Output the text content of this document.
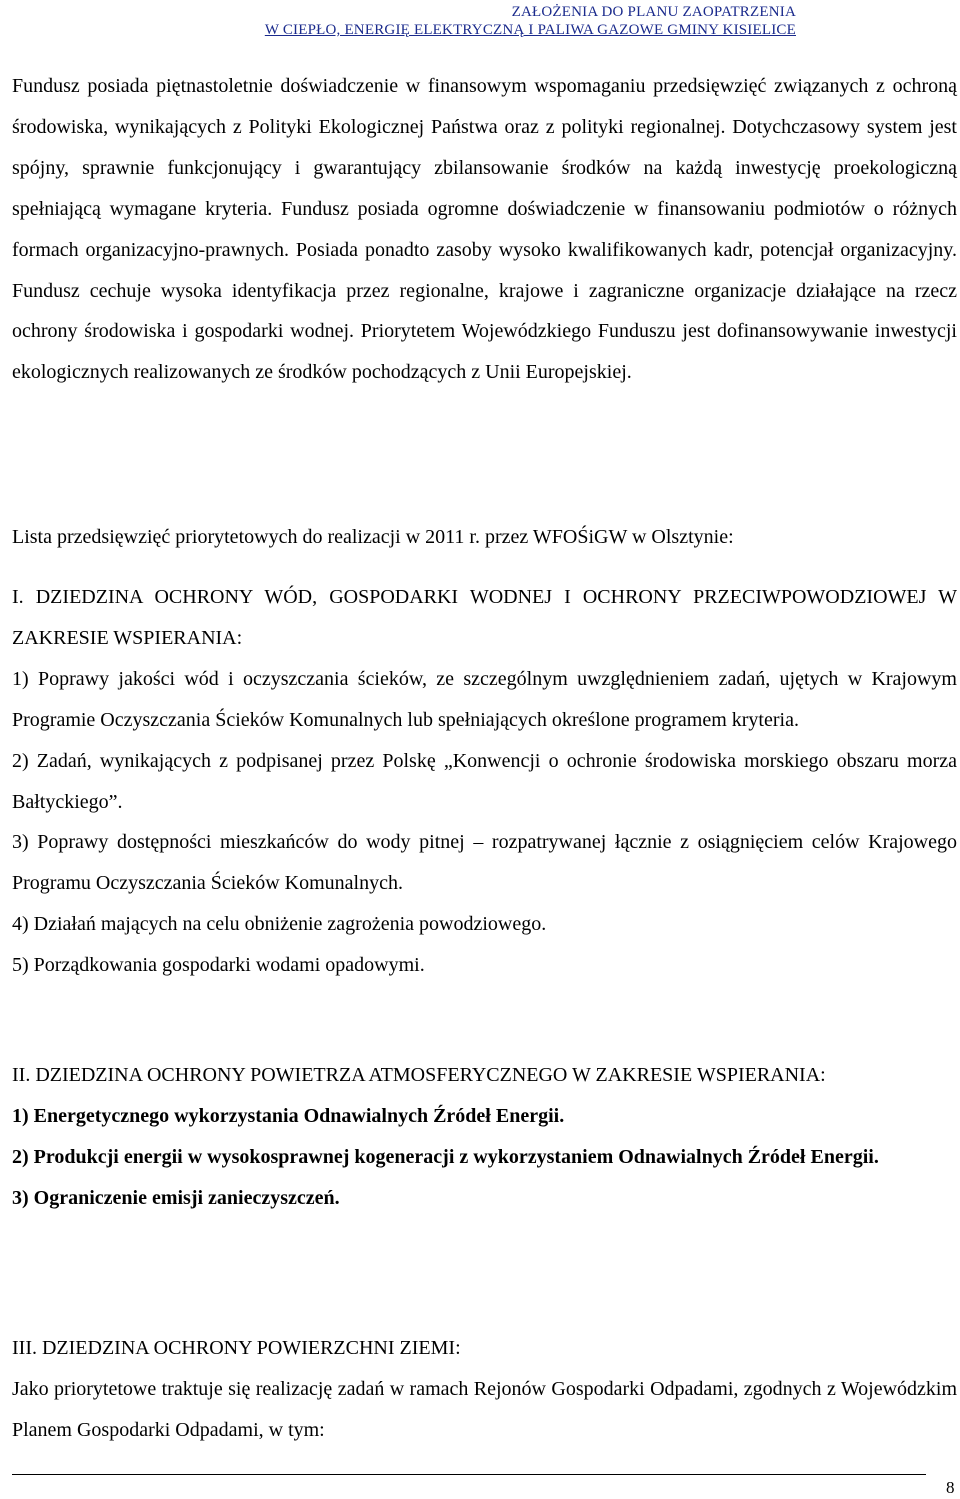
ZAŁOŻENIA DO PLANU ZAOPATRZENIA
W CIEPŁO, ENERGIĘ ELEKTRYCZNĄ I PALIWA GAZOWE GMINY KISIELICE

Fundusz posiada piętnastoletnie doświadczenie w finansowym wspomaganiu przedsięwzięć związanych z ochroną środowiska, wynikających z Polityki Ekologicznej Państwa oraz z polityki regionalnej. Dotychczasowy system jest spójny, sprawnie funkcjonujący i gwarantujący zbilansowanie środków na każdą inwestycję proekologiczną spełniającą wymagane kryteria. Fundusz posiada ogromne doświadczenie w finansowaniu podmiotów o różnych formach organizacyjno-prawnych. Posiada ponadto zasoby wysoko kwalifikowanych kadr, potencjał organizacyjny. Fundusz cechuje wysoka identyfikacja przez regionalne, krajowe i zagraniczne organizacje działające na rzecz ochrony środowiska i gospodarki wodnej. Priorytetem Wojewódzkiego Funduszu jest dofinansowywanie inwestycji ekologicznych realizowanych ze środków pochodzących z Unii Europejskiej.

Lista przedsięwzięć priorytetowych do realizacji w 2011 r. przez WFOŚiGW w Olsztynie:

I. DZIEDZINA OCHRONY WÓD, GOSPODARKI WODNEJ I OCHRONY PRZECIWPOWODZIOWEJ W ZAKRESIE WSPIERANIA:

1) Poprawy jakości wód i oczyszczania ścieków, ze szczególnym uwzględnieniem zadań, ujętych w Krajowym Programie Oczyszczania Ścieków Komunalnych lub spełniających określone programem kryteria.

2) Zadań, wynikających z podpisanej przez Polskę „Konwencji o ochronie środowiska morskiego obszaru morza Bałtyckiego”.

3) Poprawy dostępności mieszkańców do wody pitnej – rozpatrywanej łącznie z osiągnięciem celów Krajowego Programu Oczyszczania Ścieków Komunalnych.

4) Działań mających na celu obniżenie zagrożenia powodziowego.

5) Porządkowania gospodarki wodami opadowymi.

II. DZIEDZINA OCHRONY POWIETRZA ATMOSFERYCZNEGO W ZAKRESIE WSPIERANIA:

1) Energetycznego wykorzystania Odnawialnych Źródeł Energii.

2) Produkcji energii w wysokosprawnej kogeneracji z wykorzystaniem Odnawialnych Źródeł Energii.

3) Ograniczenie emisji zanieczyszczeń.

III. DZIEDZINA OCHRONY POWIERZCHNI ZIEMI:

Jako priorytetowe traktuje się realizację zadań w ramach Rejonów Gospodarki Odpadami, zgodnych z Wojewódzkim Planem Gospodarki Odpadami, w tym:

8
